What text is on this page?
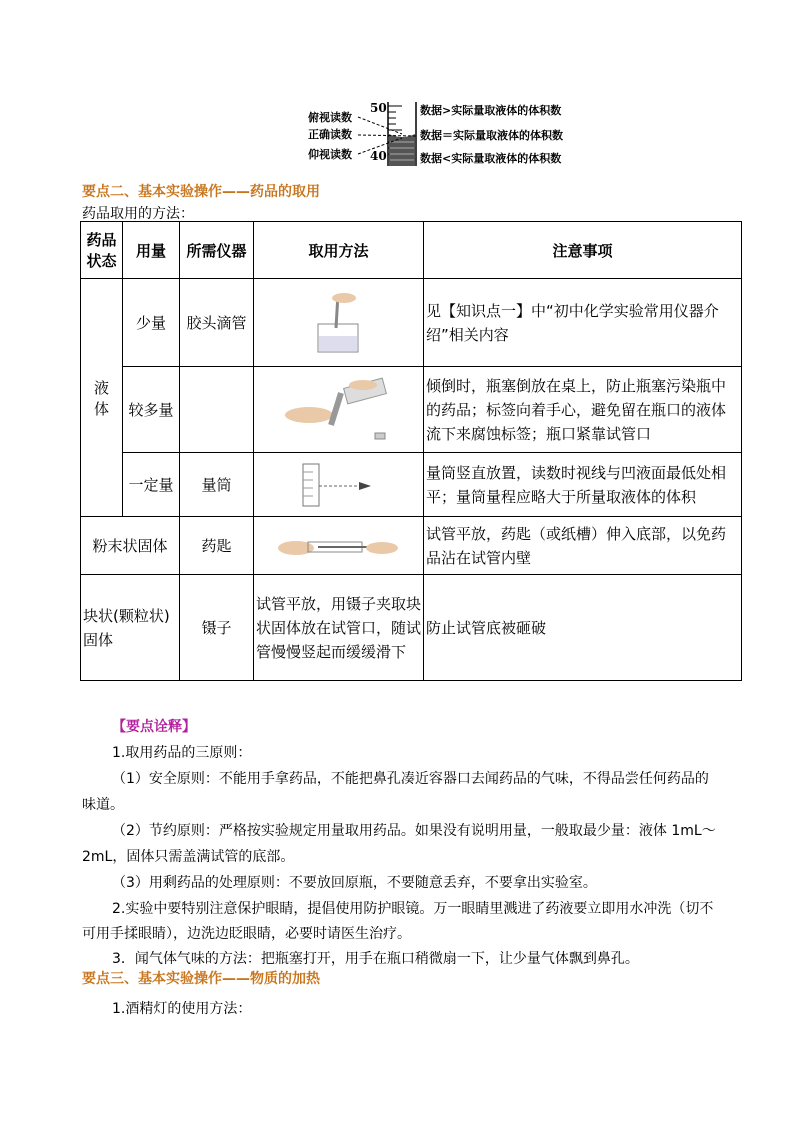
50
40
俯视读数
正确读数
仰视读数
数据>实际量取液体的体积数
数据＝实际量取液体的体积数
数据<实际量取液体的体积数
要点二、基本实验操作——药品的取用
药品取用的方法：
药品状态	用量	所需仪器	取用方法	注意事项
液体	少量	胶头滴管		见【知识点一】中“初中化学实验常用仪器介绍”相关内容
	较多量			倾倒时，瓶塞倒放在桌上，防止瓶塞污染瓶中的药品；标签向着手心，避免留在瓶口的液体流下来腐蚀标签；瓶口紧靠试管口
	一定量	量筒		量筒竖直放置，读数时视线与凹液面最低处相平；量筒量程应略大于所量取液体的体积
粉末状固体		药匙		试管平放，药匙（或纸槽）伸入底部，以免药品沾在试管内壁
块状(颗粒状)固体		镊子	试管平放，用镊子夹取块状固体放在试管口，随试管慢慢竖起而缓缓滑下	防止试管底被砸破
【要点诠释】
1.取用药品的三原则：
（1）安全原则：不能用手拿药品，不能把鼻孔凑近容器口去闻药品的气味，不得品尝任何药品的
味道。
（2）节约原则：严格按实验规定用量取用药品。如果没有说明用量，一般取最少量：液体 1mL～
2mL，固体只需盖满试管的底部。
（3）用剩药品的处理原则：不要放回原瓶，不要随意丢弃，不要拿出实验室。
2.实验中要特别注意保护眼睛，提倡使用防护眼镜。万一眼睛里溅进了药液要立即用水冲洗（切不
可用手揉眼睛），边洗边眨眼睛，必要时请医生治疗。
3．闻气体气味的方法：把瓶塞打开，用手在瓶口稍微扇一下，让少量气体飘到鼻孔。
要点三、基本实验操作——物质的加热
1.酒精灯的使用方法：
